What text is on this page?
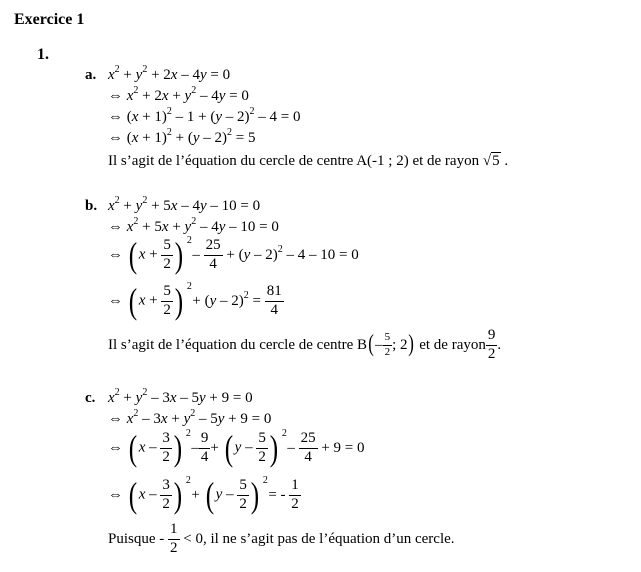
Exercice 1
1.
a. $x^2 + y^2 + 2x - 4y = 0$
⇔ $x^2 + 2x + y^2 - 4y = 0$
⇔ $(x + 1)^2 - 1 + (y - 2)^2 - 4 = 0$
⇔ $(x + 1)^2 + (y - 2)^2 = 5$
Il s’agit de l’équation du cercle de centre A(-1 ; 2) et de rayon √5 .
b. $x^2 + y^2 + 5x - 4y - 10 = 0$
⇔ $x^2 + 5x + y^2 - 4y - 10 = 0$
⇔ ( $x + \frac{5}{2}$ ) 2
– $\frac{25}{4} + (y - 2)^2 - 4 - 10 = 0$
⇔ ( $x + \frac{5}{2}$ ) 2
+ $(y - 2)^2 = \frac{81}{4}$
Il s’agit de l’équation du cercle de centre $B(- \frac{5}{2}$ ; 2) et de rayon $\frac{9}{2}$ .
c. $x^2 + y^2 - 3x - 5y + 9 = 0$
⇔ $x^2 - 3x + y^2 - 5y + 9 = 0$
⇔ ( x – $\frac{3}{2}$ ) 2
– $\frac{9}{4}$ + ( y – $\frac{5}{2}$ ) 2
– $\frac{25}{4} + 9 = 0$
⇔ ( x – $\frac{3}{2}$ ) 2
+ ( y – $\frac{5}{2}$ ) 2
= - $\frac{1}{2}$
Puisque - $\frac{1}{2} < 0$, il ne s’agit pas de l’équation d’un cercle.
